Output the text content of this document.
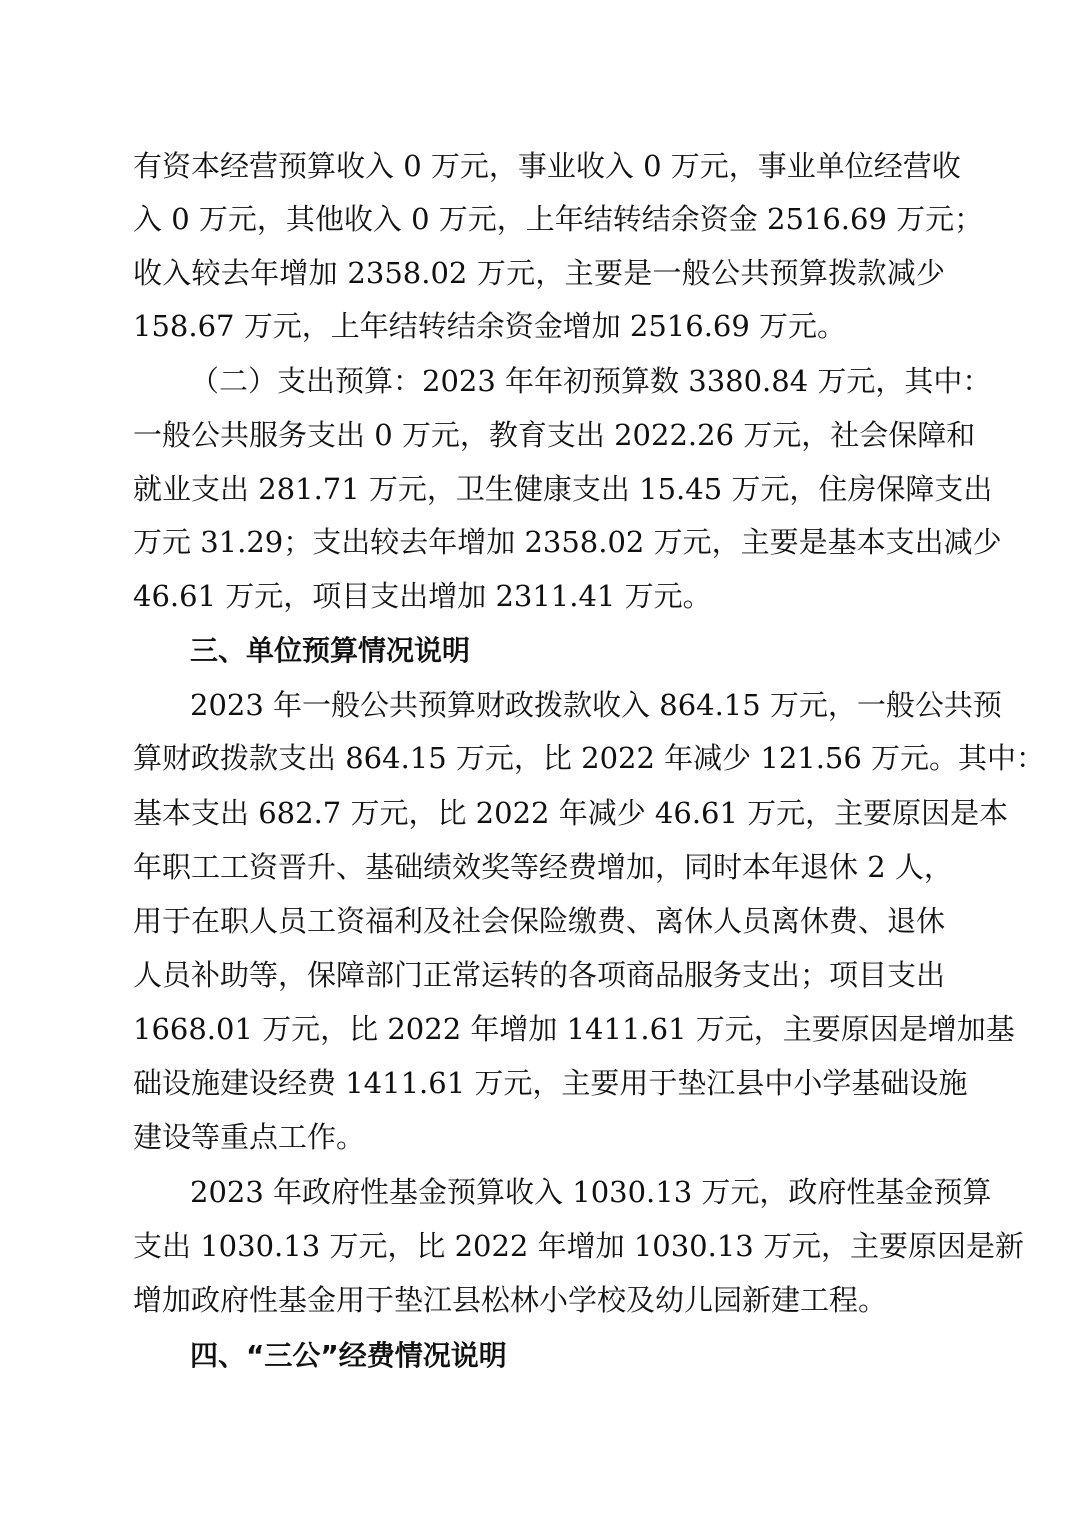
有资本经营预算收入 0 万元，事业收入 0 万元，事业单位经营收
入 0 万元，其他收入 0 万元，上年结转结余资金 2516.69 万元；
收入较去年增加 2358.02 万元，主要是一般公共预算拨款减少
158.67 万元，上年结转结余资金增加 2516.69 万元。
（二）支出预算：2023 年年初预算数 3380.84 万元，其中：
一般公共服务支出 0 万元，教育支出 2022.26 万元，社会保障和
就业支出 281.71 万元，卫生健康支出 15.45 万元，住房保障支出
万元 31.29；支出较去年增加 2358.02 万元，主要是基本支出减少
46.61 万元，项目支出增加 2311.41 万元。
三、单位预算情况说明
2023 年一般公共预算财政拨款收入 864.15 万元，一般公共预
算财政拨款支出 864.15 万元，比 2022 年减少 121.56 万元。其中：
基本支出 682.7 万元，比 2022 年减少 46.61 万元，主要原因是本
年职工工资晋升、基础绩效奖等经费增加，同时本年退休 2 人，
用于在职人员工资福利及社会保险缴费、离休人员离休费、退休
人员补助等，保障部门正常运转的各项商品服务支出；项目支出
1668.01 万元，比 2022 年增加 1411.61 万元，主要原因是增加基
础设施建设经费 1411.61 万元，主要用于垫江县中小学基础设施
建设等重点工作。
2023 年政府性基金预算收入 1030.13 万元，政府性基金预算
支出 1030.13 万元，比 2022 年增加 1030.13 万元，主要原因是新
增加政府性基金用于垫江县松林小学校及幼儿园新建工程。
四、“三公”经费情况说明
